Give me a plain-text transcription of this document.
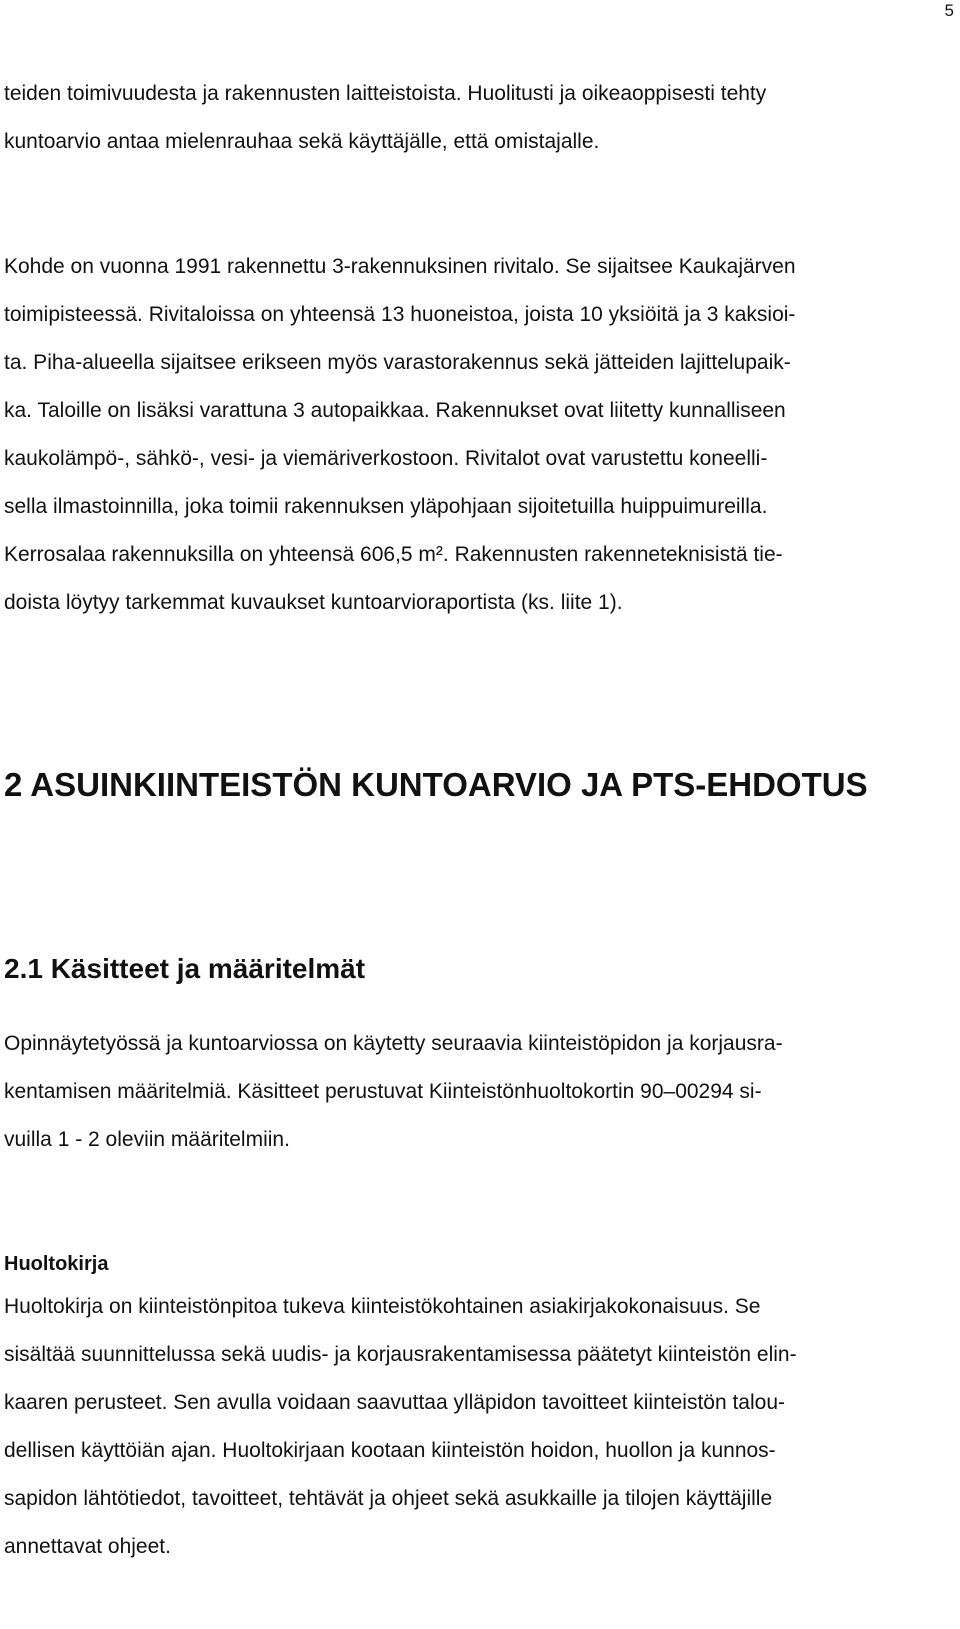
5
teiden toimivuudesta ja rakennusten laitteistoista. Huolitusti ja oikeaoppisesti tehty
kuntoarvio antaa mielenrauhaa sekä käyttäjälle, että omistajalle.
Kohde on vuonna 1991 rakennettu 3-rakennuksinen rivitalo. Se sijaitsee Kaukajärven
toimipisteessä. Rivitaloissa on yhteensä 13 huoneistoa, joista 10 yksiöitä ja 3 kaksioi-
ta. Piha-alueella sijaitsee erikseen myös varastorakennus sekä jätteiden lajittelupaik-
ka. Taloille on lisäksi varattuna 3 autopaikkaa. Rakennukset ovat liitetty kunnalliseen
kaukolämpö-, sähkö-, vesi- ja viemäriverkostoon. Rivitalot ovat varustettu koneelli-
sella ilmastoinnilla, joka toimii rakennuksen yläpohjaan sijoitetuilla huippuimureilla.
Kerrosalaa rakennuksilla on yhteensä 606,5 m². Rakennusten rakenneteknisistä tie-
doista löytyy tarkemmat kuvaukset kuntoarvioraportista (ks. liite 1).
2 ASUINKIINTEISTÖN KUNTOARVIO JA PTS-EHDOTUS
2.1 Käsitteet ja määritelmät
Opinnäytetyössä ja kuntoarviossa on käytetty seuraavia kiinteistöpidon ja korjausra-
kentamisen määritelmiä. Käsitteet perustuvat Kiinteistönhuoltokortin 90–00294 si-
vuilla 1 - 2 oleviin määritelmiin.
Huoltokirja
Huoltokirja on kiinteistönpitoa tukeva kiinteistökohtainen asiakirjakokonaisuus. Se
sisältää suunnittelussa sekä uudis- ja korjausrakentamisessa päätetyt kiinteistön elin-
kaaren perusteet. Sen avulla voidaan saavuttaa ylläpidon tavoitteet kiinteistön talou-
dellisen käyttöiän ajan. Huoltokirjaan kootaan kiinteistön hoidon, huollon ja kunnos-
sapidon lähtötiedot, tavoitteet, tehtävät ja ohjeet sekä asukkaille ja tilojen käyttäjille
annettavat ohjeet.
